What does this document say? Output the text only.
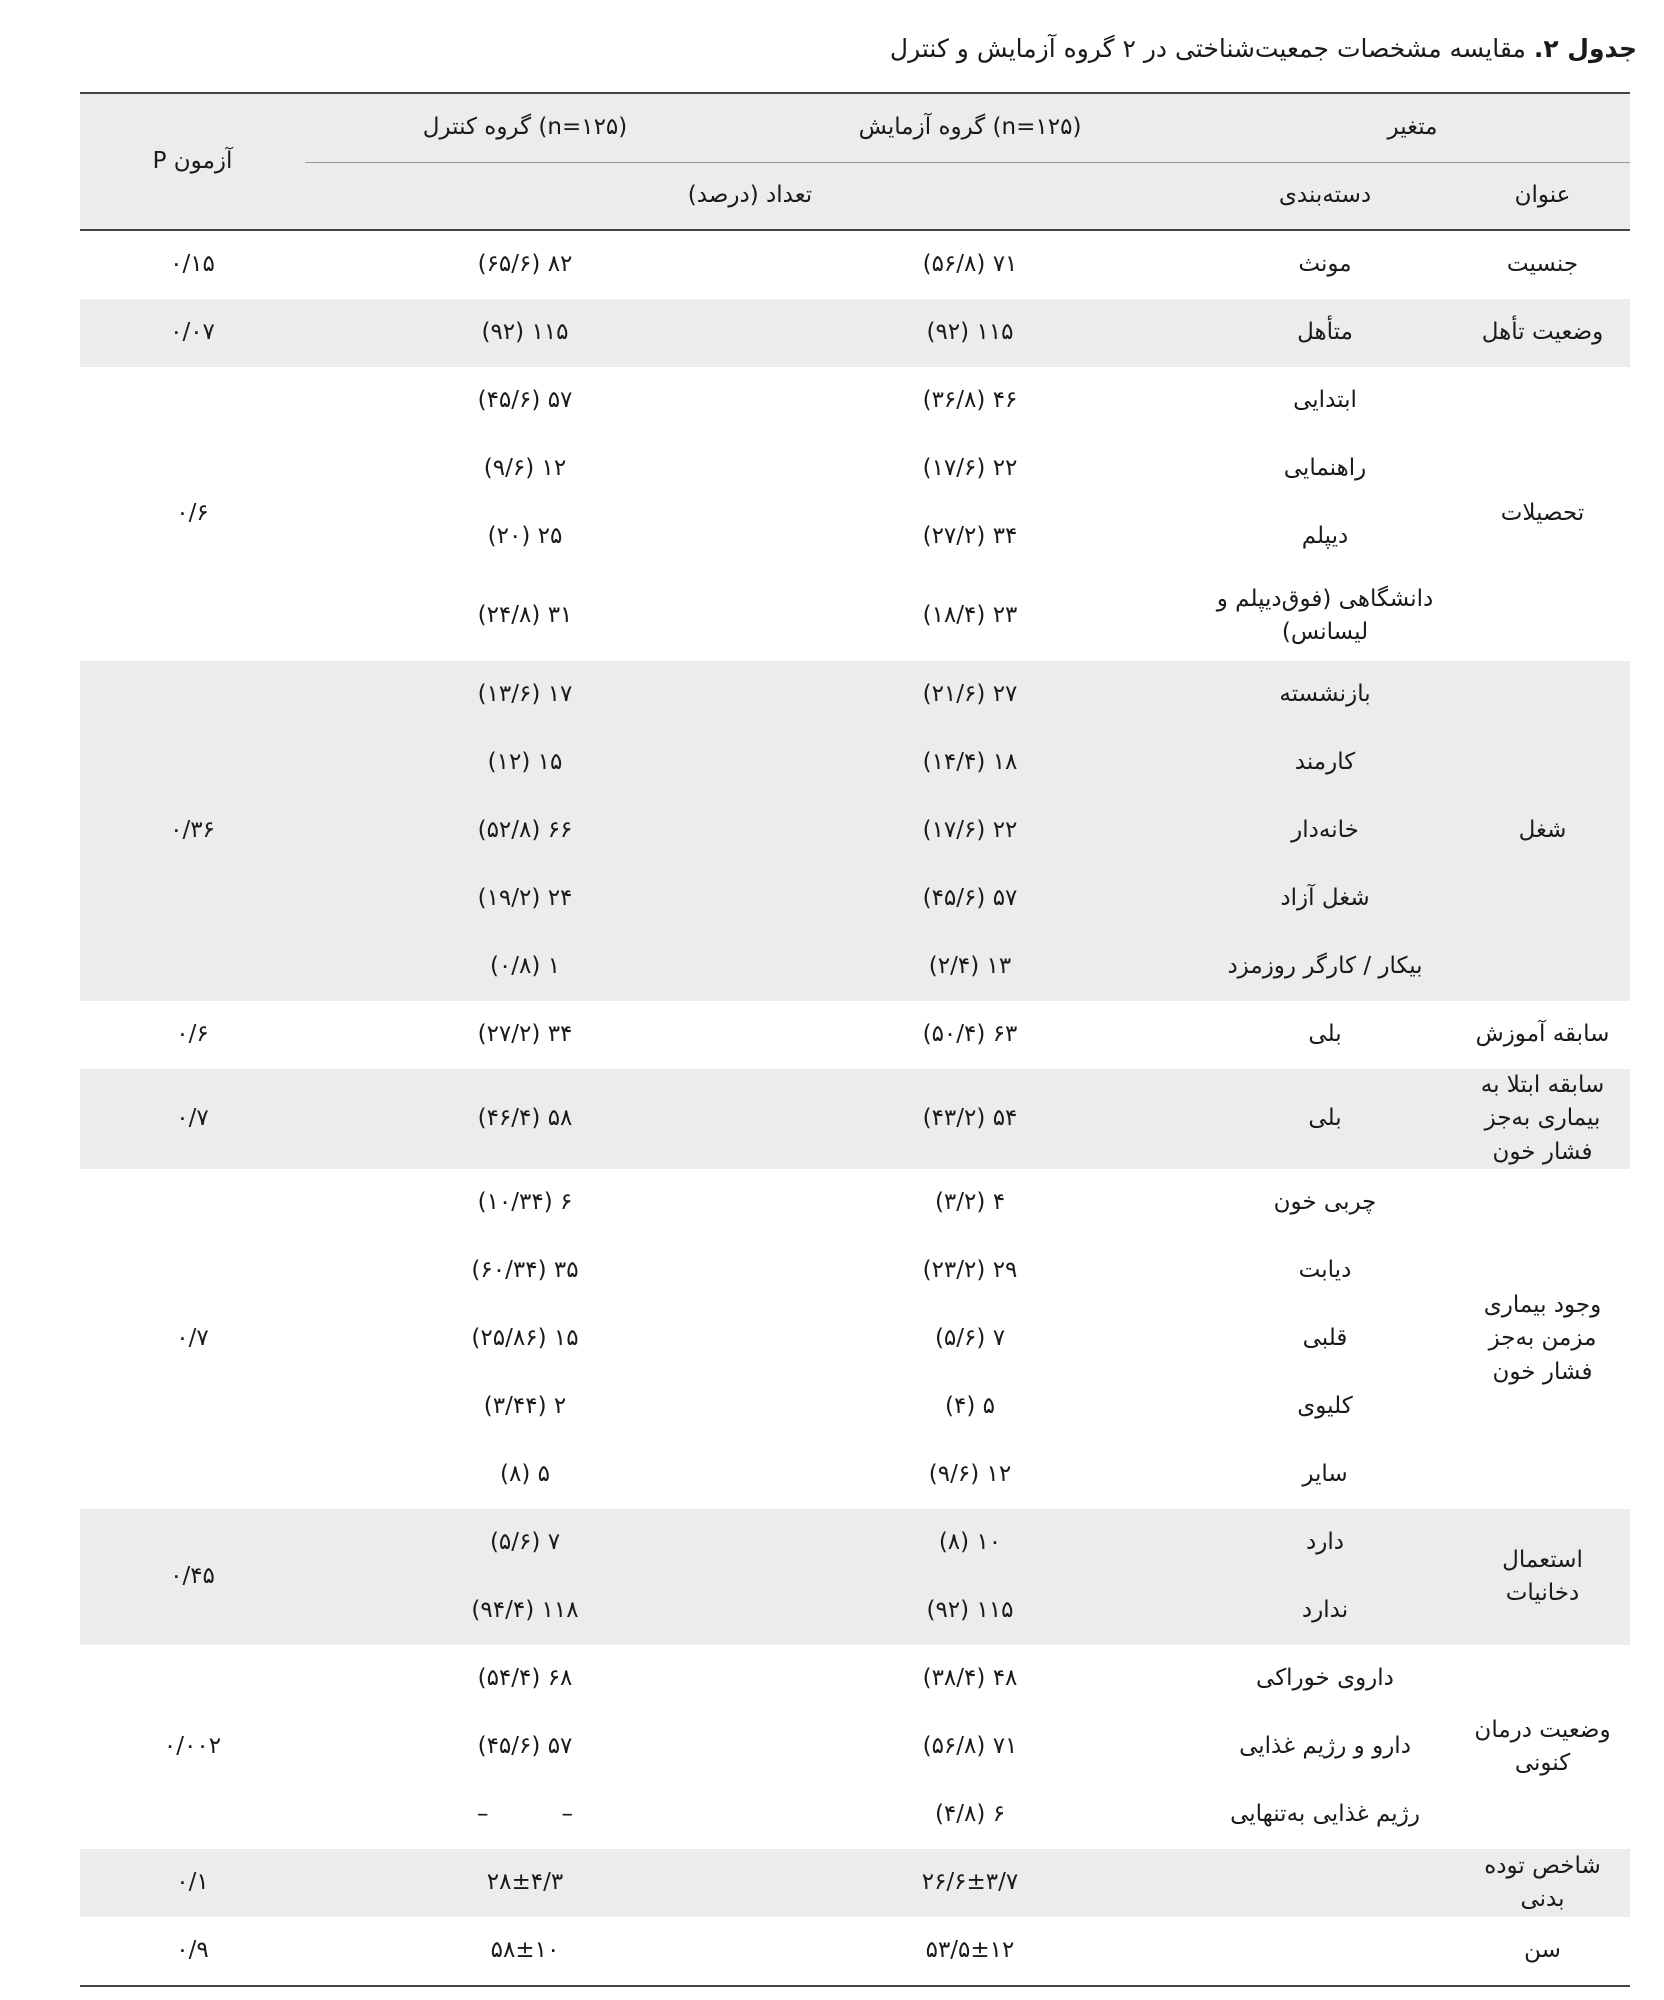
جدول ۲. مقایسه مشخصات جمعیت‌شناختی در ۲ گروه آزمایش و کنترل
متغیر		گروه آزمایش (n=۱۲۵)	گروه کنترل (n=۱۲۵)	آزمون P
عنوان	دسته‌بندی	تعداد (درصد)		
جنسیت	مونث	۷۱ (۵۶/۸)	۸۲ (۶۵/۶)	۰/۱۵
وضعیت تأهل	متأهل	۱۱۵ (۹۲)	۱۱۵ (۹۲)	۰/۰۷
تحصیلات	ابتدایی	۴۶ (۳۶/۸)	۵۷ (۴۵/۶)	۰/۶
	راهنمایی	۲۲ (۱۷/۶)	۱۲ (۹/۶)	
	دیپلم	۳۴ (۲۷/۲)	۲۵ (۲۰)	
	دانشگاهی (فوق‌دیپلم و لیسانس)	۲۳ (۱۸/۴)	۳۱ (۲۴/۸)	
شغل	بازنشسته	۲۷ (۲۱/۶)	۱۷ (۱۳/۶)	۰/۳۶
	کارمند	۱۸ (۱۴/۴)	۱۵ (۱۲)	
	خانه‌دار	۲۲ (۱۷/۶)	۶۶ (۵۲/۸)	
	شغل آزاد	۵۷ (۴۵/۶)	۲۴ (۱۹/۲)	
	بیکار / کارگر روزمزد	۱۳ (۲/۴)	۱ (۰/۸)	
سابقه آموزش	بلی	۶۳ (۵۰/۴)	۳۴ (۲۷/۲)	۰/۶
سابقه ابتلا به بیماری به‌جز فشار خون	بلی	۵۴ (۴۳/۲)	۵۸ (۴۶/۴)	۰/۷
وجود بیماری مزمن به‌جز فشار خون	چربی خون	۴ (۳/۲)	۶ (۱۰/۳۴)	۰/۷
	دیابت	۲۹ (۲۳/۲)	۳۵ (۶۰/۳۴)	
	قلبی	۷ (۵/۶)	۱۵ (۲۵/۸۶)	
	کلیوی	۵ (۴)	۲ (۳/۴۴)	
	سایر	۱۲ (۹/۶)	۵ (۸)	
استعمال دخانیات	دارد	۱۰ (۸)	۷ (۵/۶)	۰/۴۵
	ندارد	۱۱۵ (۹۲)	۱۱۸ (۹۴/۴)	
وضعیت درمان کنونی	داروی خوراکی	۴۸ (۳۸/۴)	۶۸ (۵۴/۴)	۰/۰۰۲
	دارو و رژیم غذایی	۷۱ (۵۶/۸)	۵۷ (۴۵/۶)	
	رژیم غذایی به‌تنهایی	۶ (۴/۸)	–          –	
شاخص توده بدنی		۲۶/۶±۳/۷	۲۸±۴/۳	۰/۱
سن		۵۳/۵±۱۲	۵۸±۱۰	۰/۹
